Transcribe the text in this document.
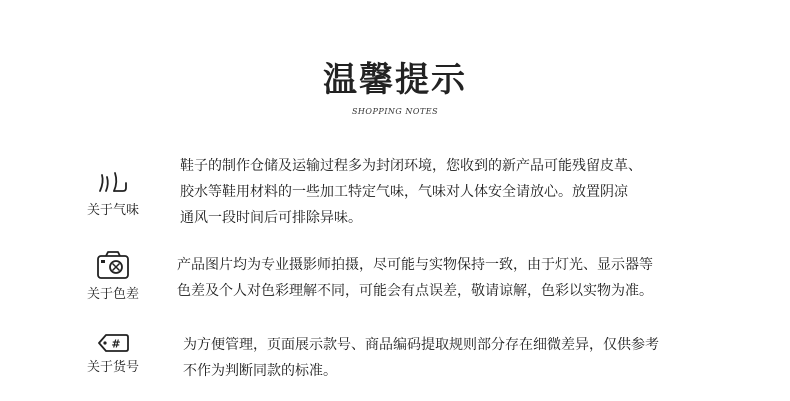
温馨提示
SHOPPING NOTES
关于气味
鞋子的制作仓储及运输过程多为封闭环境，您收到的新产品可能残留皮革、
胶水等鞋用材料的一些加工特定气味，气味对人体安全请放心。放置阴凉
通风一段时间后可排除异味。
关于色差
产品图片均为专业摄影师拍摄，尽可能与实物保持一致，由于灯光、显示器等
色差及个人对色彩理解不同，可能会有点误差，敬请谅解，色彩以实物为准。
#
关于货号
为方便管理，页面展示款号、商品编码提取规则部分存在细微差异，仅供参考
不作为判断同款的标准。
